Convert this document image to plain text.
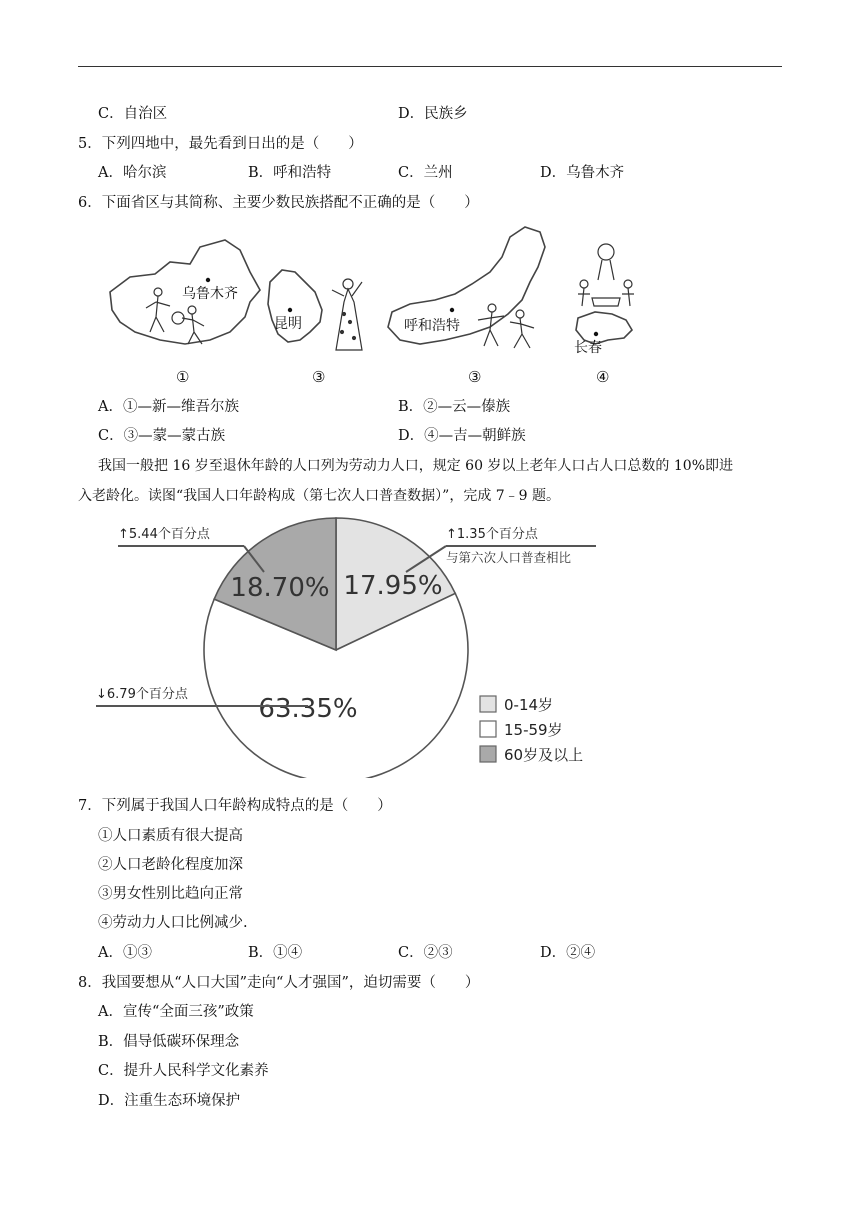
C．自治区	D．民族乡
5．下列四地中，最先看到日出的是（　　）
A．哈尔滨	B．呼和浩特	C．兰州	D．乌鲁木齐
6．下面省区与其简称、主要少数民族搭配不正确的是（　　）
乌鲁木齐
①
昆明
③
呼和浩特
③
长春
④
A．①—新—维吾尔族	B．②—云—傣族
C．③—蒙—蒙古族	D．④—吉—朝鲜族
我国一般把 16 岁至退休年龄的人口列为劳动力人口，规定 60 岁以上老年人口占人口总数的 10%即进
入老龄化。读图“我国人口年龄构成（第七次人口普查数据）”，完成 7﹣9 题。
17.95%
63.35%
18.70%
↑1.35个百分点
↓6.79个百分点
↑5.44个百分点
与第六次人口普查相比
0-14岁
15-59岁
60岁及以上
7．下列属于我国人口年龄构成特点的是（　　）
①人口素质有很大提高
②人口老龄化程度加深
③男女性别比趋向正常
④劳动力人口比例减少.
A．①③	B．①④	C．②③	D．②④
8．我国要想从“人口大国”走向“人才强国”，迫切需要（　　）
A．宣传“全面三孩”政策
B．倡导低碳环保理念
C．提升人民科学文化素养
D．注重生态环境保护
